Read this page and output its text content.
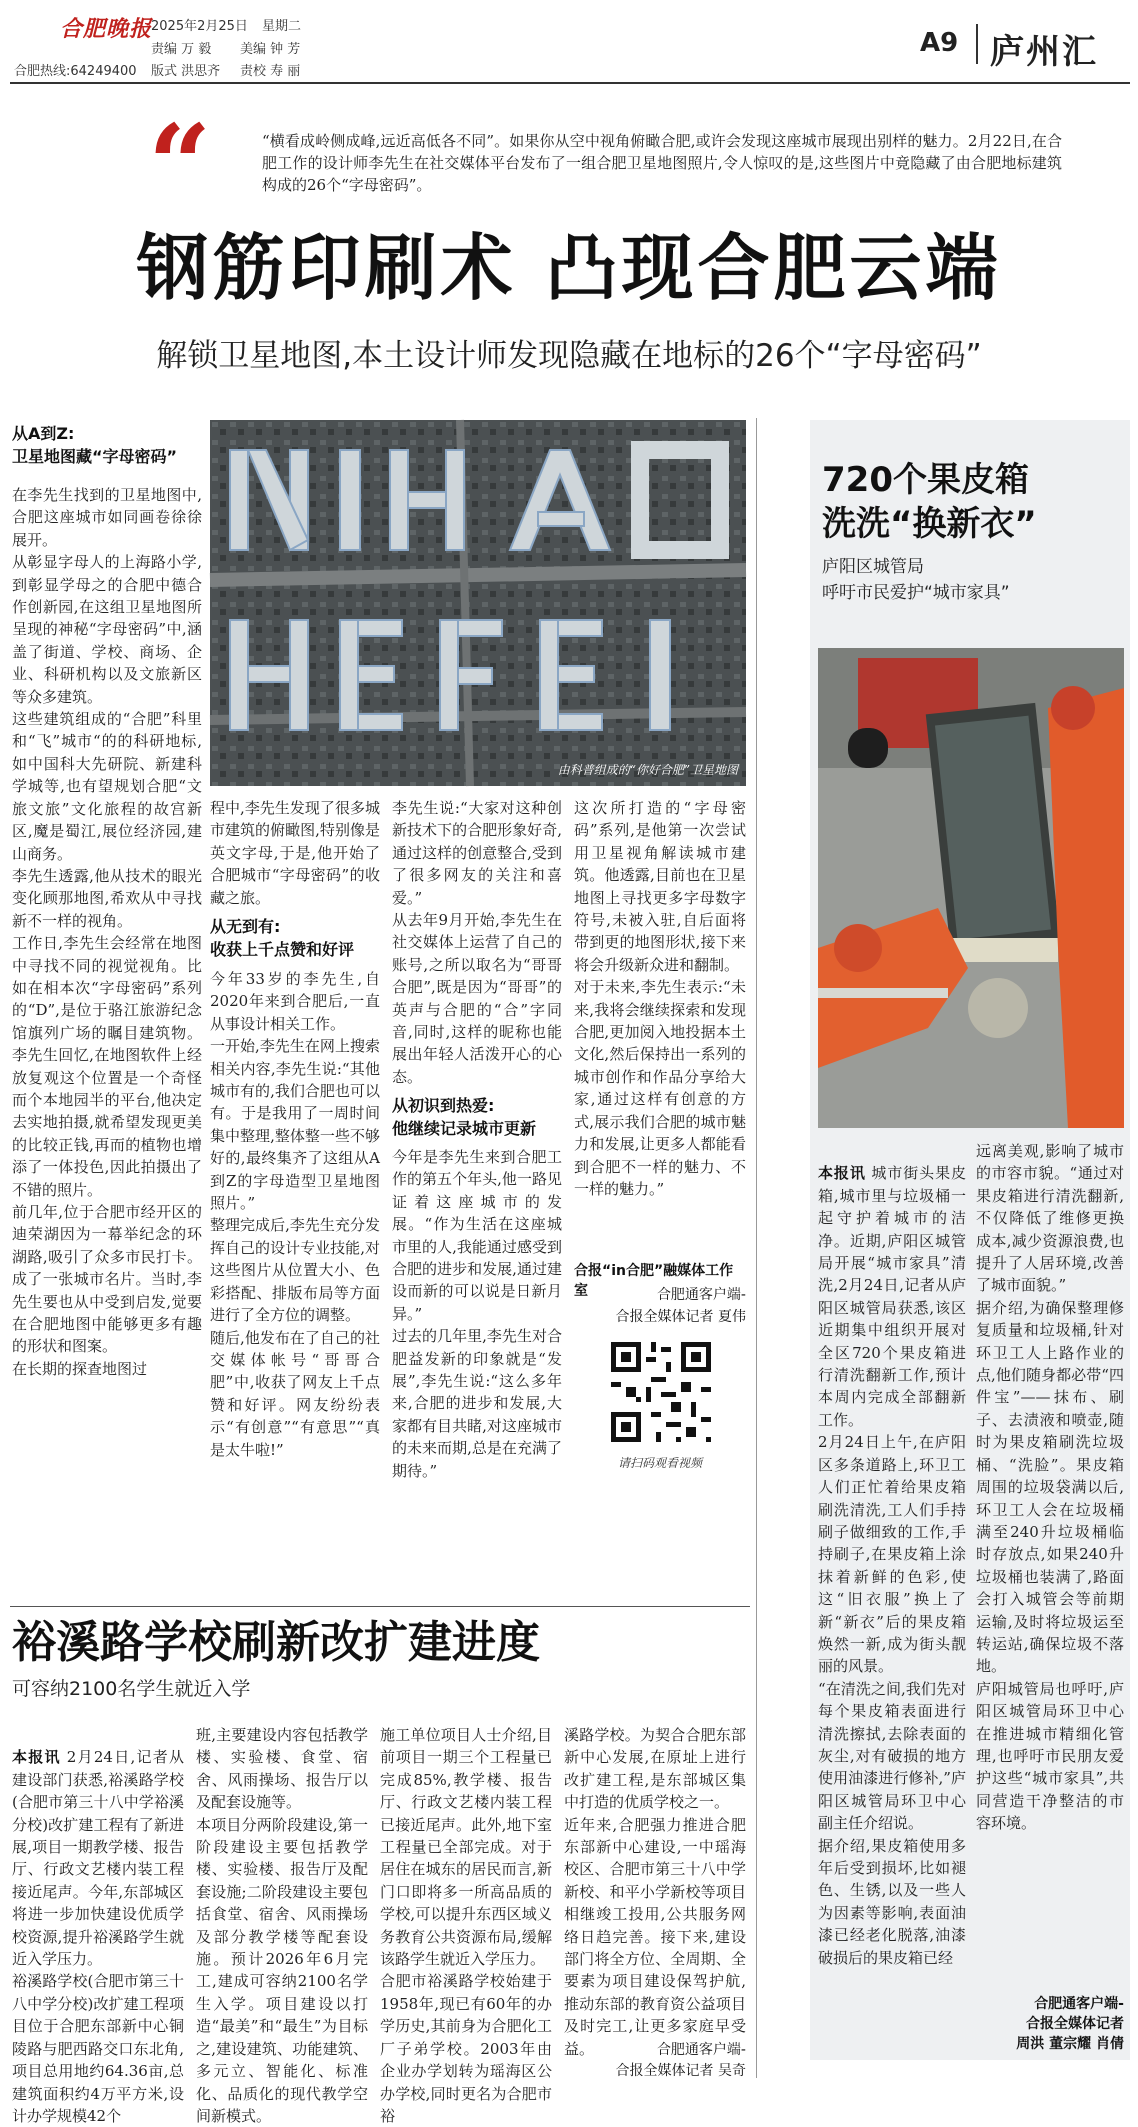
合肥晚报
合肥热线:64249400
2025年2月25日 星期二
责编 万 毅 美编 钟 芳
版式 洪思齐 责校 寿 丽
A9 庐州汇
“	“横看成岭侧成峰,远近高低各不同”。如果你从空中视角俯瞰合肥,或许会发现这座城市展现出别样的魅力。2月22日,在合肥工作的设计师李先生在社交媒体平台发布了一组合肥卫星地图照片,令人惊叹的是,这些图片中竟隐藏了由合肥地标建筑构成的26个“字母密码”。
钢筋印刷术 凸现合肥云端
解锁卫星地图,本土设计师发现隐藏在地标的26个“字母密码”
从A到Z:
卫星地图藏“字母密码”
在李先生找到的卫星地图中,合肥这座城市如同画卷徐徐展开。
从彰显字母人的上海路小学,到彰显学母之的合肥中德合作创新园,在这组卫星地图所呈现的神秘“字母密码”中,涵盖了街道、学校、商场、企业、科研机构以及文旅新区等众多建筑。
这些建筑组成的“合肥”科里和“飞”城市“的的科研地标,如中国科大先研院、新建科学城等,也有望规划合肥“文旅文旅”文化旅程的故宫新区,魔是蜀江,展位经济园,建山商务。
李先生透露,他从技术的眼光变化顾那地图,希欢从中寻找新不一样的视角。
工作日,李先生会经常在地图中寻找不同的视觉视角。比如在相本次“字母密码”系列的“D”,是位于骆江旅游纪念馆旗列广场的瞩目建筑物。李先生回忆,在地图软件上经放复观这个位置是一个奇怪而个本地园半的平台,他决定去实地拍摄,就希望发现更美的比较正钱,再而的植物也增添了一体投色,因此拍摄出了不错的照片。
前几年,位于合肥市经开区的迪荣湖因为一幕举纪念的环湖路,吸引了众多市民打卡。成了一张城市名片。当时,李先生要也从中受到启发,觉要在合肥地图中能够更多有趣的形状和图案。
在长期的探查地图过
由科普组成的“你好合肥”卫星地图
程中,李先生发现了很多城市建筑的俯瞰图,特别像是英文字母,于是,他开始了合肥城市“字母密码”的收藏之旅。
从无到有:
收获上千点赞和好评
今年33岁的李先生,自2020年来到合肥后,一直从事设计相关工作。
一开始,李先生在网上搜索相关内容,李先生说:“其他城市有的,我们合肥也可以有。于是我用了一周时间集中整理,整体整一些不够好的,最终集齐了这组从A到Z的字母造型卫星地图照片。”
整理完成后,李先生充分发挥自己的设计专业技能,对这些图片从位置大小、色彩搭配、排版布局等方面进行了全方位的调整。
随后,他发布在了自己的社交媒体帐号“哥哥合肥”中,收获了网友上千点赞和好评。网友纷纷表示“有创意”“有意思”“真是太牛啦!”
李先生说:“大家对这种创新技术下的合肥形象好奇,通过这样的创意整合,受到了很多网友的关注和喜爱。”
从去年9月开始,李先生在社交媒体上运营了自己的账号,之所以取名为“哥哥合肥”,既是因为“哥哥”的英声与合肥的“合”字同音,同时,这样的昵称也能展出年轻人活泼开心的心态。
从初识到热爱:
他继续记录城市更新
今年是李先生来到合肥工作的第五个年头,他一路见证着这座城市的发展。“作为生活在这座城市里的人,我能通过感受到合肥的进步和发展,通过建设而新的可以说是日新月异。”
过去的几年里,李先生对合肥益发新的印象就是“发展”,李先生说:“这么多年来,合肥的进步和发展,大家都有目共睹,对这座城市的未来而期,总是在充满了期待。”
这次所打造的“字母密码”系列,是他第一次尝试用卫星视角解读城市建筑。他透露,目前也在卫星地图上寻找更多字母数字符号,未被入驻,自后面将带到更的地图形状,接下来将会升级新众进和翻制。
对于未来,李先生表示:“未来,我将会继续探索和发现合肥,更加阅入地投据本土文化,然后保持出一系列的城市创作和作品分享给大家,通过这样有创意的方式,展示我们合肥的城市魅力和发展,让更多人都能看到合肥不一样的魅力、不一样的魅力。”
合报“in合肥”融媒体工作室	合肥通客户端-
合报全媒体记者 夏伟
请扫码观看视频
720个果皮箱
洗洗“换新衣”
庐阳区城管局
呼吁市民爱护“城市家具”

本报讯 城市街头果皮箱,城市里与垃圾桶一起守护着城市的洁净。近期,庐阳区城管局开展“城市家具”清洗,2月24日,记者从庐阳区城管局获悉,该区近期集中组织开展对全区720个果皮箱进行清洗翻新工作,预计本周内完成全部翻新工作。
2月24日上午,在庐阳区多条道路上,环卫工人们正忙着给果皮箱刷洗清洗,工人们手持刷子做细致的工作,手持刷子,在果皮箱上涂抹着新鲜的色彩,使这“旧衣服”换上了新“新衣”后的果皮箱焕然一新,成为街头靓丽的风景。
“在清洗之间,我们先对每个果皮箱表面进行清洗擦拭,去除表面的灰尘,对有破损的地方使用油漆进行修补,”庐阳区城管局环卫中心副主任介绍说。
据介绍,果皮箱使用多年后受到损坏,比如褪色、生锈,以及一些人为因素等影响,表面油漆已经老化脱落,油漆破损后的果皮箱已经

远离美观,影响了城市的市容市貌。“通过对果皮箱进行清洗翻新,不仅降低了维修更换成本,减少资源浪费,也提升了人居环境,改善了城市面貌。”
据介绍,为确保整理修复质量和垃圾桶,针对环卫工人上路作业的点,他们随身都必带“四件宝”——抹布、刷子、去渍液和喷壶,随时为果皮箱刷洗垃圾桶、“洗脸”。果皮箱周围的垃圾袋满以后,环卫工人会在垃圾桶满至240升垃圾桶临时存放点,如果240升垃圾桶也装满了,路面会打入城管会等前期运输,及时将垃圾运至转运站,确保垃圾不落地。
庐阳城管局也呼吁,庐阳区城管局环卫中心在推进城市精细化管理,也呼吁市民朋友爱护这些“城市家具”,共同营造干净整洁的市容环境。
合肥通客户端-
合报全媒体记者
周洪 董宗耀 肖倩
裕溪路学校刷新改扩建进度
可容纳2100名学生就近入学

本报讯 2月24日,记者从建设部门获悉,裕溪路学校(合肥市第三十八中学裕溪分校)改扩建工程有了新进展,项目一期教学楼、报告厅、行政文艺楼内装工程接近尾声。今年,东部城区将进一步加快建设优质学校资源,提升裕溪路学生就近入学压力。
裕溪路学校(合肥市第三十八中学分校)改扩建工程项目位于合肥东部新中心铜陵路与肥西路交口东北角,项目总用地约64.36亩,总建筑面积约4万平方米,设计办学规模42个

班,主要建设内容包括教学楼、实验楼、食堂、宿舍、风雨操场、报告厅以及配套设施等。
本项目分两阶段建设,第一阶段建设主要包括教学楼、实验楼、报告厅及配套设施;二阶段建设主要包括食堂、宿舍、风雨操场及部分教学楼等配套设施。预计2026年6月完工,建成可容纳2100名学生入学。项目建设以打造“最美”和“最生”为目标之,建设建筑、功能建筑、多元立、智能化、标准化、品质化的现代教学空间新模式。
施工单位项目人士介绍,目前项目一期三个工程量已完成85%,教学楼、报告厅、行政文艺楼内装工程已接近尾声。此外,地下室工程量已全部完成。对于居住在城东的居民而言,新门口即将多一所高品质的学校,可以提升东西区域义务教育公共资源布局,缓解该路学生就近入学压力。
合肥市裕溪路学校始建于1958年,现已有60年的办学历史,其前身为合肥化工厂子弟学校。2003年由企业办学划转为瑶海区公办学校,同时更名为合肥市裕
溪路学校。为契合合肥东部新中心发展,在原址上进行改扩建工程,是东部城区集中打造的优质学校之一。
近年来,合肥强力推进合肥东部新中心建设,一中瑶海校区、合肥市第三十八中学新校、和平小学新校等项目相继竣工投用,公共服务网络日趋完善。接下来,建设部门将全方位、全周期、全要素为项目建设保驾护航,推动东部的教育资公益项目及时完工,让更多家庭早受益。	合肥通客户端-
合报全媒体记者 吴奇
